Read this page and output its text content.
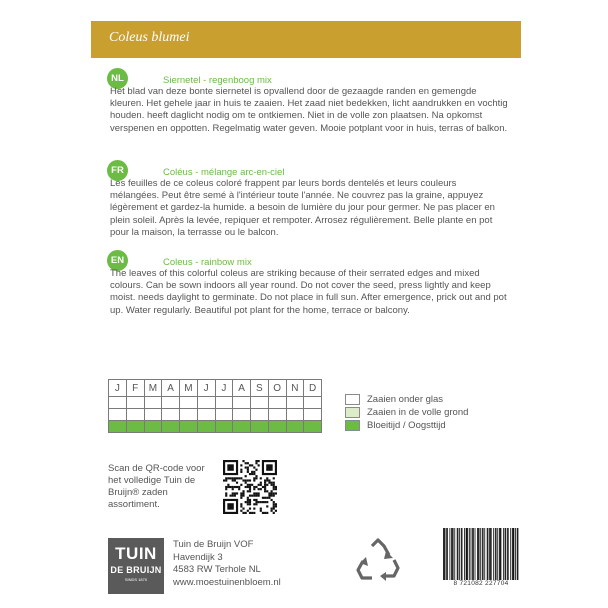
Coleus blumei
NL	Siernetel - regenboog mix

Het blad van deze bonte siernetel is opvallend door de gezaagde randen en gemengde kleuren. Het gehele jaar in huis te zaaien. Het zaad niet bedekken, licht aandrukken en vochtig houden. heeft daglicht nodig om te ontkiemen. Niet in de volle zon plaatsen. Na opkomst verspenen en oppotten. Regelmatig water geven. Mooie potplant voor in huis, terras of balkon.

FR	Coléus - mélange arc-en-ciel

Les feuilles de ce coleus coloré frappent par leurs bords dentelés et leurs couleurs mélangées. Peut être semé à l'intérieur toute l'année. Ne couvrez pas la graine, appuyez légèrement et gardez-la humide. a besoin de lumière du jour pour germer. Ne pas placer en plein soleil. Après la levée, repiquer et rempoter. Arrosez régulièrement. Belle plante en pot pour la maison, la terrasse ou le balcon.

EN	Coleus - rainbow mix

The leaves of this colorful coleus are striking because of their serrated edges and mixed colours. Can be sown indoors all year round. Do not cover the seed, press lightly and keep moist. needs daylight to germinate. Do not place in full sun. After emergence, prick out and pot up. Water regularly. Beautiful pot plant for the home, terrace or balcony.

J	F	M	A	M	J	J	A	S	O	N	D

Zaaien onder glas
Zaaien in de volle grond
Bloeitijd / Oogsttijd

Scan de QR-code voor het volledige Tuin de Bruijn® zaden assortiment.

TUIN
DE BRUIJN
SINDS 1870
Tuin de Bruijn VOF
Havendijk 3
4583 RW Terhole NL
www.moestuinenbloem.nl	8 721082 227704
